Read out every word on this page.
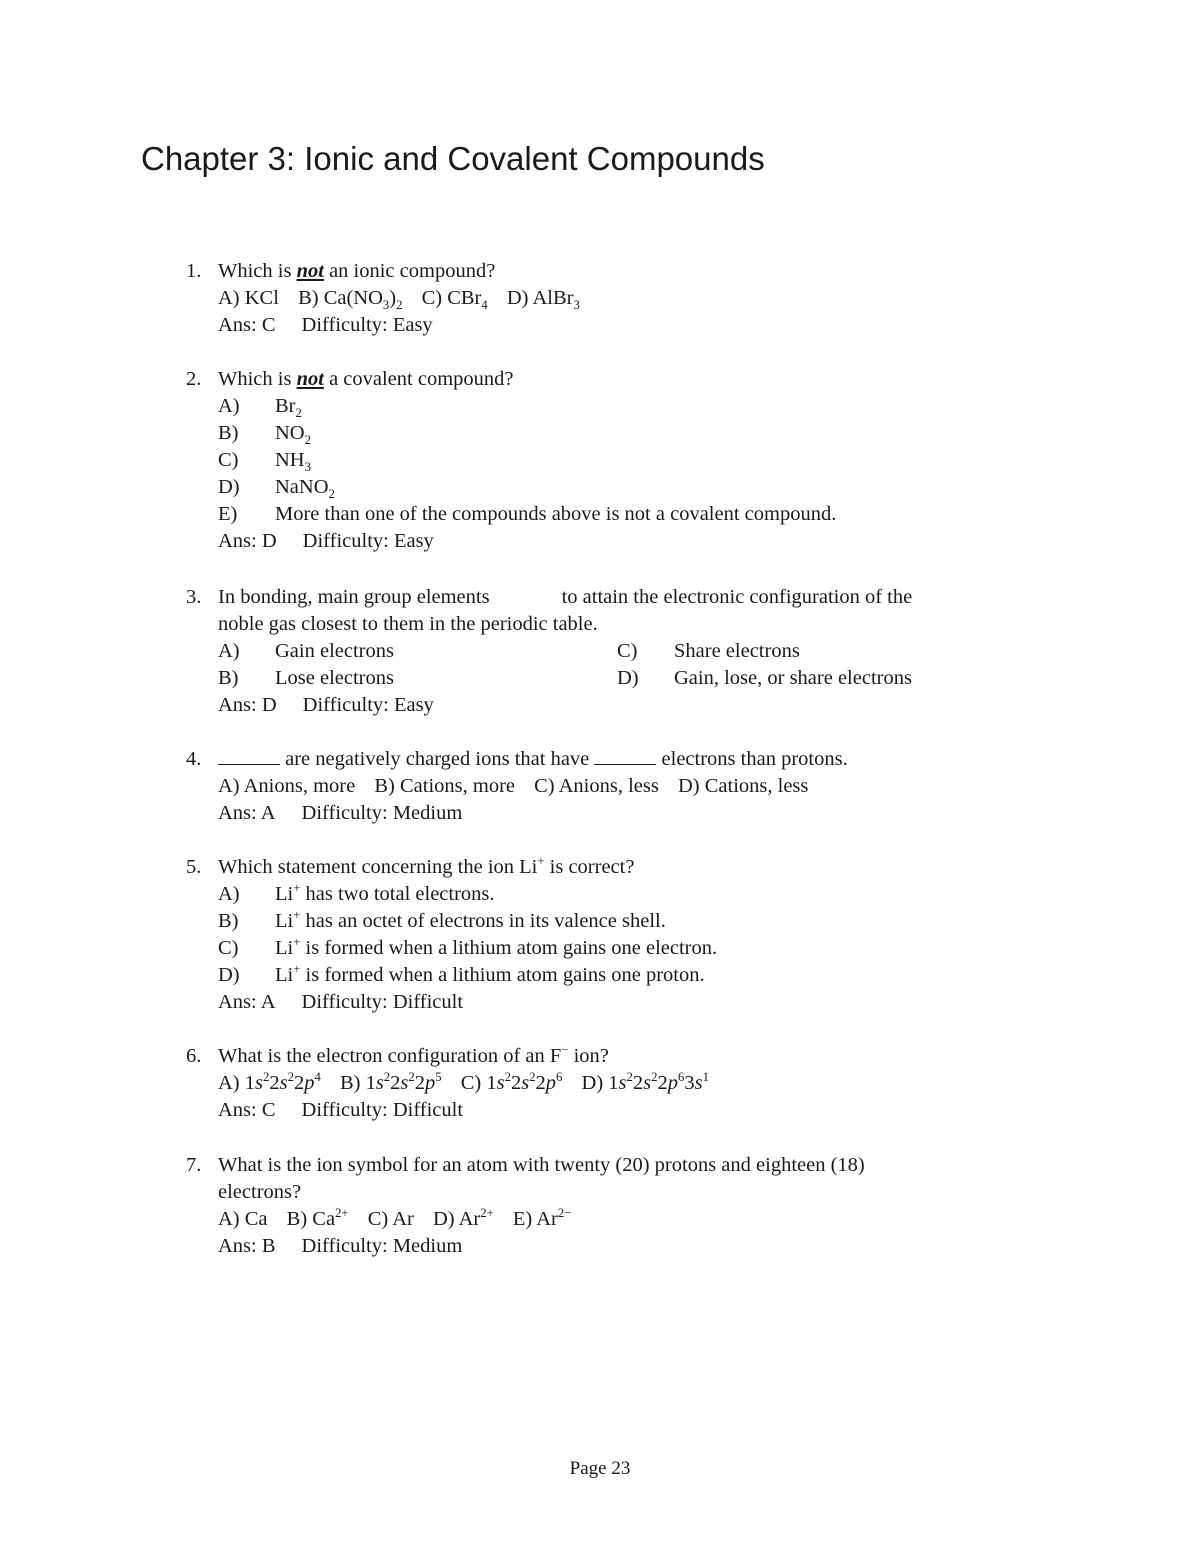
Chapter 3: Ionic and Covalent Compounds
1. Which is not an ionic compound?
A) KCl B) $Ca(NO_3)_2$ C) CBr$_4$ D) AlBr$_3$
Ans: C Difficulty: Easy
2. Which is not a covalent compound?
A) $Br_2$
B) $NO_2$
C) $NH_3$
D) NaNO$_2$
E) More than one of the compounds above is not a covalent compound.
Ans: D Difficulty: Easy
3. In bonding, main group elements	to attain the electronic configuration of the
noble gas closest to them in the periodic table.
A) Gain electrons
B) Lose electrons
C) Share electrons
D) Gain, lose, or share electrons
Ans: D Difficulty: Easy
4.	are negatively charged ions that have	electrons than protons.
A) Anions, more B) Cations, more C) Anions, less D) Cations, less
Ans: A Difficulty: Medium
5. Which statement concerning the ion Li+ is correct?
A) Li+ has two total electrons.
B) Li+ has an octet of electrons in its valence shell.
C) Li+ is formed when a lithium atom gains one electron.
D) Li+ is formed when a lithium atom gains one proton.
Ans: A Difficulty: Difficult
6. What is the electron configuration of an F− ion?
A) $1s^22s^22p^4$ B) $1s^22s^22p^5$ C) $1s^22s^22p^6$ D) $1s^22s^22p^63s^1$
Ans: C Difficulty: Difficult
7. What is the ion symbol for an atom with twenty (20) protons and eighteen (18)
electrons?
A) Ca B) $Ca^{2+}$ C) Ar D) $Ar^{2+}$ E) $Ar^{2-}$
Ans: B Difficulty: Medium
Page 23
